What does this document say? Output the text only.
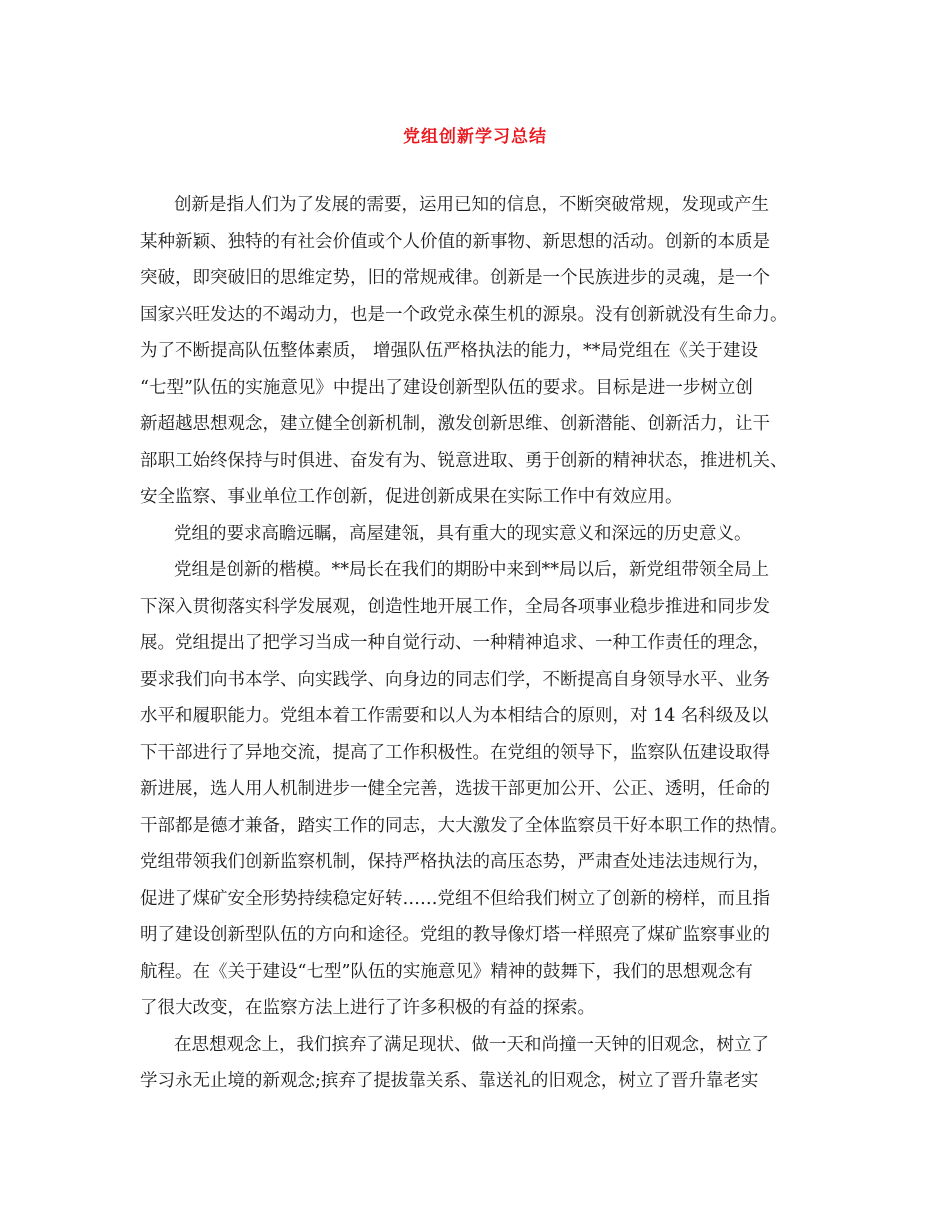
党组创新学习总结
创新是指人们为了发展的需要，运用已知的信息，不断突破常规，发现或产生
某种新颖、独特的有社会价值或个人价值的新事物、新思想的活动。创新的本质是
突破，即突破旧的思维定势，旧的常规戒律。创新是一个民族进步的灵魂，是一个
国家兴旺发达的不竭动力，也是一个政党永葆生机的源泉。没有创新就没有生命力。
为了不断提高队伍整体素质， 增强队伍严格执法的能力，**局党组在《关于建设
“七型”队伍的实施意见》中提出了建设创新型队伍的要求。目标是进一步树立创
新超越思想观念，建立健全创新机制，激发创新思维、创新潜能、创新活力，让干
部职工始终保持与时俱进、奋发有为、锐意进取、勇于创新的精神状态，推进机关、
安全监察、事业单位工作创新，促进创新成果在实际工作中有效应用。
党组的要求高瞻远瞩，高屋建瓴，具有重大的现实意义和深远的历史意义。
党组是创新的楷模。**局长在我们的期盼中来到**局以后，新党组带领全局上
下深入贯彻落实科学发展观，创造性地开展工作，全局各项事业稳步推进和同步发
展。党组提出了把学习当成一种自觉行动、一种精神追求、一种工作责任的理念，
要求我们向书本学、向实践学、向身边的同志们学，不断提高自身领导水平、业务
水平和履职能力。党组本着工作需要和以人为本相结合的原则，对 14 名科级及以
下干部进行了异地交流，提高了工作积极性。在党组的领导下，监察队伍建设取得
新进展，选人用人机制进步一健全完善，选拔干部更加公开、公正、透明，任命的
干部都是德才兼备，踏实工作的同志，大大激发了全体监察员干好本职工作的热情。
党组带领我们创新监察机制，保持严格执法的高压态势，严肃查处违法违规行为，
促进了煤矿安全形势持续稳定好转……党组不但给我们树立了创新的榜样，而且指
明了建设创新型队伍的方向和途径。党组的教导像灯塔一样照亮了煤矿监察事业的
航程。在《关于建设“七型”队伍的实施意见》精神的鼓舞下，我们的思想观念有
了很大改变，在监察方法上进行了许多积极的有益的探索。
在思想观念上，我们摈弃了满足现状、做一天和尚撞一天钟的旧观念，树立了
学习永无止境的新观念;摈弃了提拔靠关系、靠送礼的旧观念，树立了晋升靠老实
